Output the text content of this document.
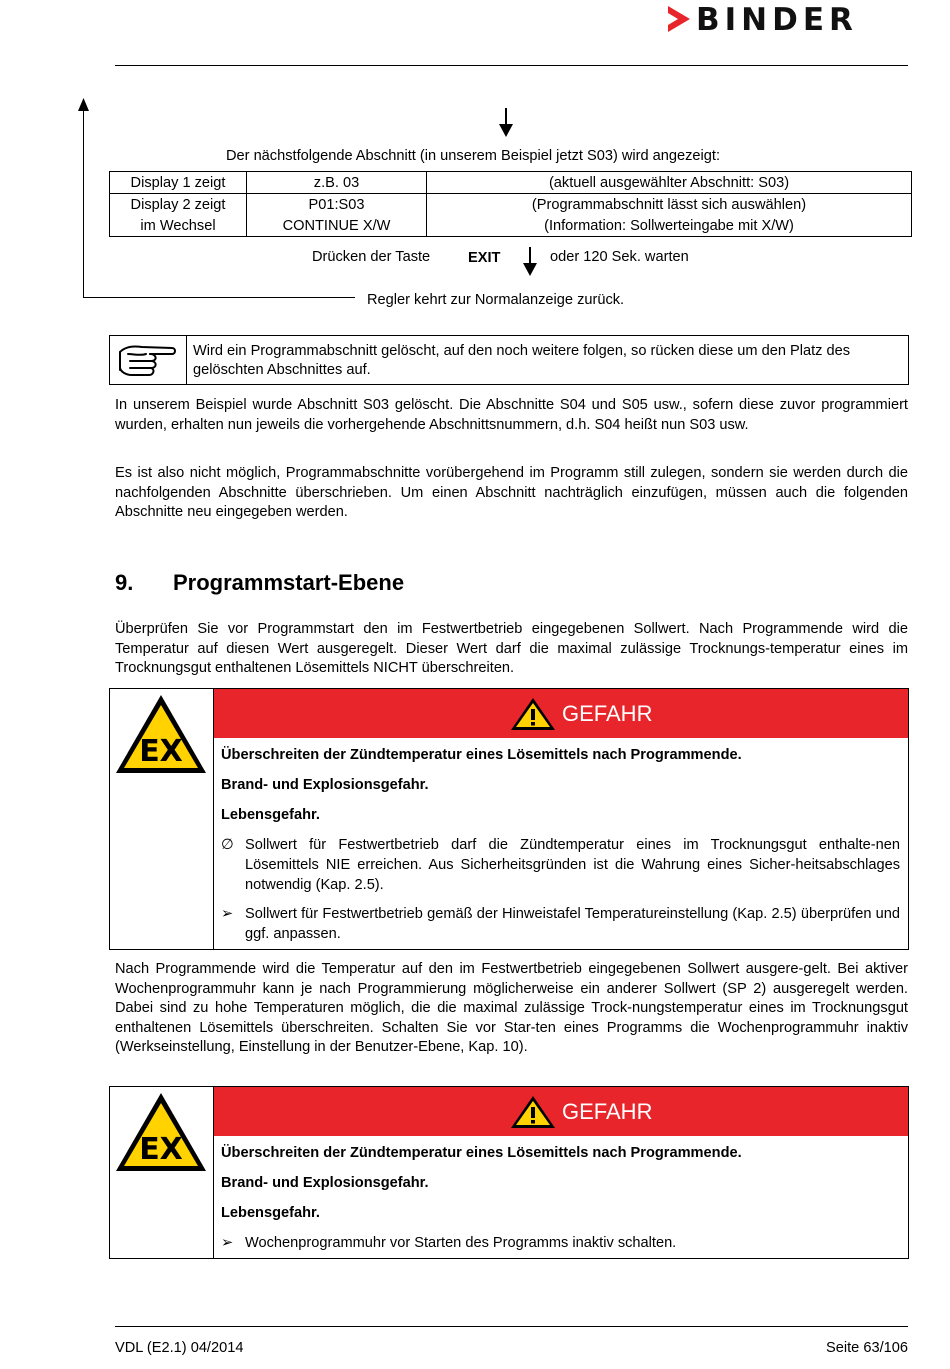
BINDER
Der nächstfolgende Abschnitt (in unserem Beispiel jetzt S03) wird angezeigt:
Display 1 zeigt	z.B. 03	(aktuell ausgewählter Abschnitt: S03)
Display 2 zeigt	P01:S03	(Programmabschnitt lässt sich auswählen)
im Wechsel	CONTINUE X/W	(Information: Sollwerteingabe mit X/W)
Drücken der Taste	EXIT	oder 120 Sek. warten
Regler kehrt zur Normalanzeige zurück.
Wird ein Programmabschnitt gelöscht, auf den noch weitere folgen, so rücken diese um den Platz des gelöschten Abschnittes auf.
In unserem Beispiel wurde Abschnitt S03 gelöscht. Die Abschnitte S04 und S05 usw., sofern diese zuvor programmiert wurden, erhalten nun jeweils die vorhergehende Abschnittsnummern, d.h. S04 heißt nun S03 usw.
Es ist also nicht möglich, Programmabschnitte vorübergehend im Programm still zulegen, sondern sie werden durch die nachfolgenden Abschnitte überschrieben. Um einen Abschnitt nachträglich einzufügen, müssen auch die folgenden Abschnitte neu eingegeben werden.
9. Programmstart-Ebene
Überprüfen Sie vor Programmstart den im Festwertbetrieb eingegebenen Sollwert. Nach Programmende wird die Temperatur auf diesen Wert ausgeregelt. Dieser Wert darf die maximal zulässige Trocknungs-temperatur eines im Trocknungsgut enthaltenen Lösemittels NICHT überschreiten.
EX
GEFAHR
Überschreiten der Zündtemperatur eines Lösemittels nach Programmende.
Brand- und Explosionsgefahr.
Lebensgefahr.
∅ Sollwert für Festwertbetrieb darf die Zündtemperatur eines im Trocknungsgut enthalte-nen Lösemittels NIE erreichen. Aus Sicherheitsgründen ist die Wahrung eines Sicher-heitsabschlages notwendig (Kap. 2.5).
➢ Sollwert für Festwertbetrieb gemäß der Hinweistafel Temperatureinstellung (Kap. 2.5) überprüfen und ggf. anpassen.
Nach Programmende wird die Temperatur auf den im Festwertbetrieb eingegebenen Sollwert ausgere-gelt. Bei aktiver Wochenprogrammuhr kann je nach Programmierung möglicherweise ein anderer Sollwert (SP 2) ausgeregelt werden. Dabei sind zu hohe Temperaturen möglich, die die maximal zulässige Trock-nungstemperatur eines im Trocknungsgut enthaltenen Lösemittels überschreiten. Schalten Sie vor Star-ten eines Programms die Wochenprogrammuhr inaktiv (Werkseinstellung, Einstellung in der Benutzer-Ebene, Kap. 10).
EX
GEFAHR
Überschreiten der Zündtemperatur eines Lösemittels nach Programmende.
Brand- und Explosionsgefahr.
Lebensgefahr.
➢ Wochenprogrammuhr vor Starten des Programms inaktiv schalten.
VDL (E2.1) 04/2014	Seite 63/106
